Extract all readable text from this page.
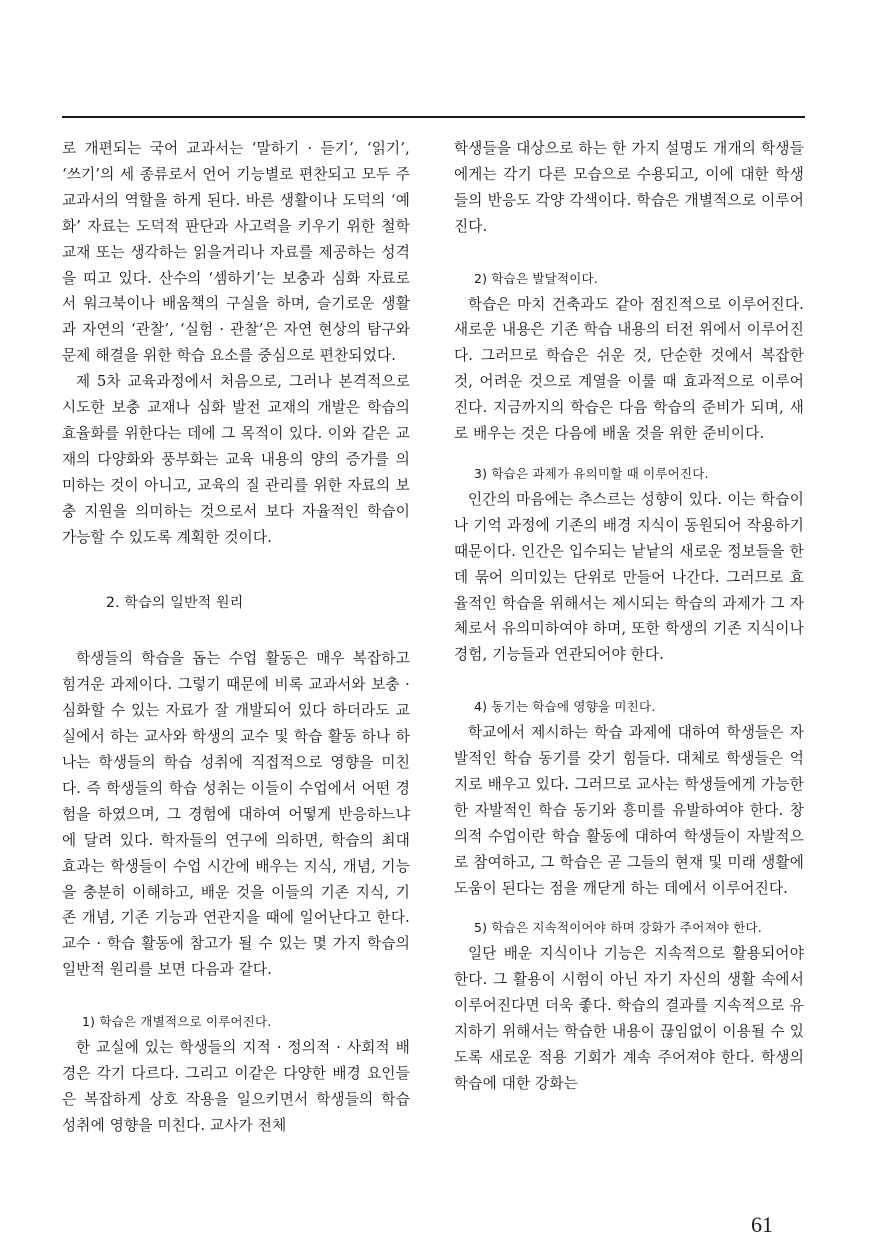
로 개편되는 국어 교과서는 ‘말하기 · 듣기’, ‘읽기’, ‘쓰기’의 세 종류로서 언어 기능별로 편찬되고 모두 주 교과서의 역할을 하게 된다. 바른 생활이나 도덕의 ‘예화’ 자료는 도덕적 판단과 사고력을 키우기 위한 철학 교재 또는 생각하는 읽을거리나 자료를 제공하는 성격을 띠고 있다. 산수의 ‘셈하기’는 보충과 심화 자료로서 워크북이나 배움책의 구실을 하며, 슬기로운 생활과 자연의 ‘관찰’, ‘실험 · 관찰’은 자연 현상의 탐구와 문제 해결을 위한 학습 요소를 중심으로 편찬되었다.

제 5차 교육과정에서 처음으로, 그러나 본격적으로 시도한 보충 교재나 심화 발전 교재의 개발은 학습의 효율화를 위한다는 데에 그 목적이 있다. 이와 같은 교재의 다양화와 풍부화는 교육 내용의 양의 증가를 의미하는 것이 아니고, 교육의 질 관리를 위한 자료의 보충 지원을 의미하는 것으로서 보다 자율적인 학습이 가능할 수 있도록 계획한 것이다.

2. 학습의 일반적 원리

학생들의 학습을 돕는 수업 활동은 매우 복잡하고 힘겨운 과제이다. 그렇기 때문에 비록 교과서와 보충 · 심화할 수 있는 자료가 잘 개발되어 있다 하더라도 교실에서 하는 교사와 학생의 교수 및 학습 활동 하나 하나는 학생들의 학습 성취에 직접적으로 영향을 미친다. 즉 학생들의 학습 성취는 이들이 수업에서 어떤 경험을 하였으며, 그 경험에 대하여 어떻게 반응하느냐에 달려 있다. 학자들의 연구에 의하면, 학습의 최대 효과는 학생들이 수업 시간에 배우는 지식, 개념, 기능을 충분히 이해하고, 배운 것을 이들의 기존 지식, 기존 개념, 기존 기능과 연관지을 때에 일어난다고 한다. 교수 · 학습 활동에 참고가 될 수 있는 몇 가지 학습의 일반적 원리를 보면 다음과 같다.

1) 학습은 개별적으로 이루어진다.

한 교실에 있는 학생들의 지적 · 정의적 · 사회적 배경은 각기 다르다. 그리고 이같은 다양한 배경 요인들은 복잡하게 상호 작용을 일으키면서 학생들의 학습 성취에 영향을 미친다. 교사가 전체

학생들을 대상으로 하는 한 가지 설명도 개개의 학생들에게는 각기 다른 모습으로 수용되고, 이에 대한 학생들의 반응도 각양 각색이다. 학습은 개별적으로 이루어진다.

2) 학습은 발달적이다.

학습은 마치 건축과도 같아 점진적으로 이루어진다. 새로운 내용은 기존 학습 내용의 터전 위에서 이루어진다. 그러므로 학습은 쉬운 것, 단순한 것에서 복잡한 것, 어려운 것으로 계열을 이룰 때 효과적으로 이루어진다. 지금까지의 학습은 다음 학습의 준비가 되며, 새로 배우는 것은 다음에 배울 것을 위한 준비이다.

3) 학습은 과제가 유의미할 때 이루어진다.

인간의 마음에는 추스르는 성향이 있다. 이는 학습이나 기억 과정에 기존의 배경 지식이 동원되어 작용하기 때문이다. 인간은 입수되는 낱낱의 새로운 정보들을 한데 묶어 의미있는 단위로 만들어 나간다. 그러므로 효율적인 학습을 위해서는 제시되는 학습의 과제가 그 자체로서 유의미하여야 하며, 또한 학생의 기존 지식이나 경험, 기능들과 연관되어야 한다.

4) 동기는 학습에 영향을 미친다.

학교에서 제시하는 학습 과제에 대하여 학생들은 자발적인 학습 동기를 갖기 힘들다. 대체로 학생들은 억지로 배우고 있다. 그러므로 교사는 학생들에게 가능한 한 자발적인 학습 동기와 흥미를 유발하여야 한다. 창의적 수업이란 학습 활동에 대하여 학생들이 자발적으로 참여하고, 그 학습은 곧 그들의 현재 및 미래 생활에 도움이 된다는 점을 깨닫게 하는 데에서 이루어진다.

5) 학습은 지속적이어야 하며 강화가 주어져야 한다.

일단 배운 지식이나 기능은 지속적으로 활용되어야 한다. 그 활용이 시험이 아닌 자기 자신의 생활 속에서 이루어진다면 더욱 좋다. 학습의 결과를 지속적으로 유지하기 위해서는 학습한 내용이 끊임없이 이용될 수 있도록 새로운 적용 기회가 계속 주어져야 한다. 학생의 학습에 대한 강화는

61
